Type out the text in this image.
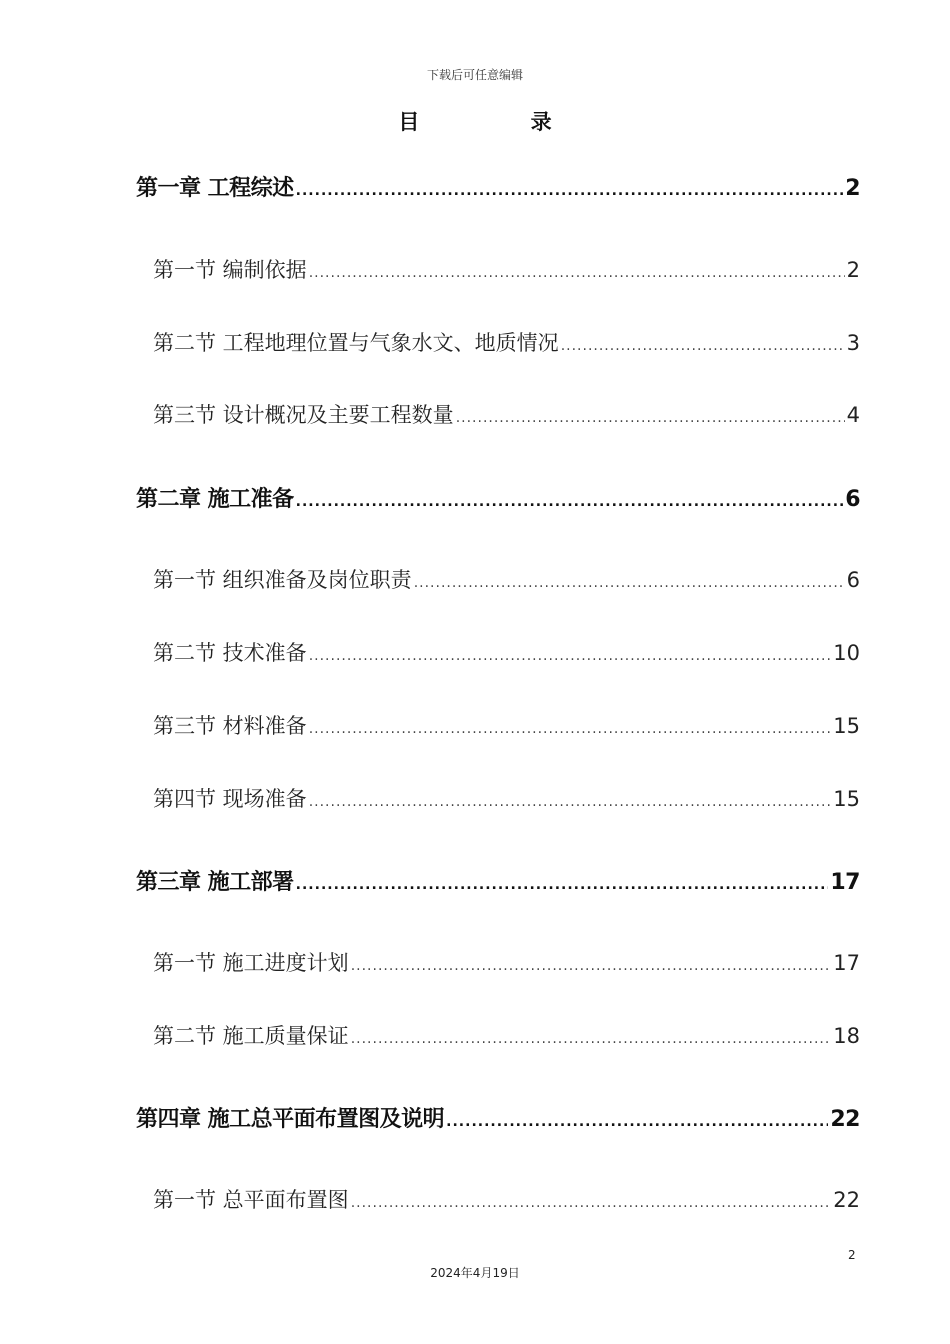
下载后可任意编辑
目 录
第一章 工程综述 .....	2
第一节 编制依据 .....	2
第二节 工程地理位置与气象水文、地质情况 .....	3
第三节 设计概况及主要工程数量 .....	4
第二章 施工准备 .....	6
第一节 组织准备及岗位职责 .....	6
第二节 技术准备 .....	10
第三节 材料准备 .....	15
第四节 现场准备 .....	15
第三章 施工部署 .....	17
第一节 施工进度计划 .....	17
第二节 施工质量保证 .....	18
第四章 施工总平面布置图及说明 .....	22
第一节 总平面布置图 .....	22
2
2024年4月19日
